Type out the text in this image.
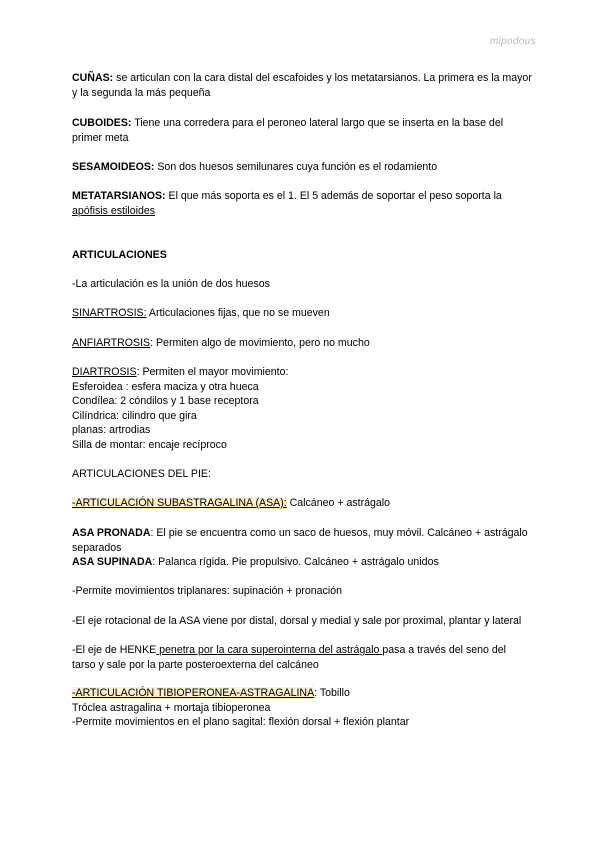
mipodous
CUÑAS: se articulan con la cara distal del escafoides y los metatarsianos. La primera es la mayor
y la segunda la más pequeña
CUBOIDES: Tiene una corredera para el peroneo lateral largo que se inserta en la base del
primer meta
SESAMOIDEOS: Son dos huesos semilunares cuya función es el rodamiento
METATARSIANOS: El que más soporta es el 1. El 5 además de soportar el peso soporta la
apófisis estiloides
ARTICULACIONES
-La articulación es la unión de dos huesos
SINARTROSIS: Articulaciones fijas, que no se mueven
ANFIARTROSIS: Permiten algo de movimiento, pero no mucho
DIARTROSIS: Permiten el mayor movimiento:
Esferoidea : esfera maciza y otra hueca
Condílea: 2 cóndilos y 1 base receptora
Cilíndrica: cilindro que gira
planas: artrodias
Silla de montar: encaje recíproco
ARTICULACIONES DEL PIE:
-ARTICULACIÓN SUBASTRAGALINA (ASA): Calcáneo + astrágalo
ASA PRONADA: El pie se encuentra como un saco de huesos, muy móvil. Calcáneo + astrágalo
separados
ASA SUPINADA: Palanca rígida. Pie propulsivo. Calcáneo + astrágalo unidos
-Permite movimientos triplanares: supinación + pronación
-El eje rotacional de la ASA viene por distal, dorsal y medial y sale por proximal, plantar y lateral
-El eje de HENKE penetra por la cara superointerna del astrágalo pasa a través del seno del
tarso y sale por la parte posteroexterna del calcáneo
-ARTICULACIÓN TIBIOPERONEA-ASTRAGALINA: Tobillo
Tróclea astragalina + mortaja tibioperonea
-Permite movimientos en el plano sagital: flexión dorsal + flexión plantar
